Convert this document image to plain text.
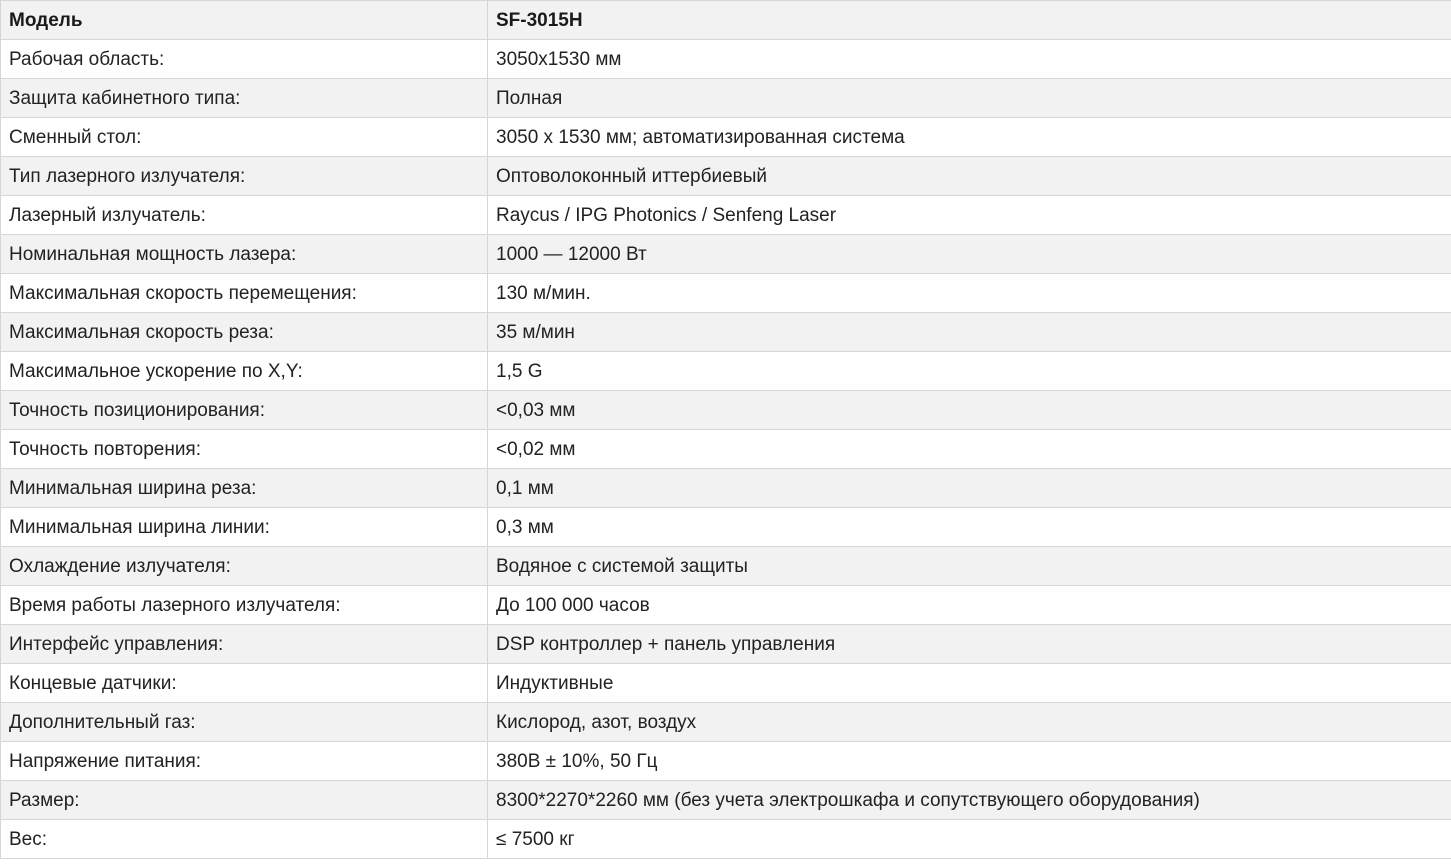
Модель	SF-3015H
Рабочая область:	3050x1530 мм
Защита кабинетного типа:	Полная
Сменный стол:	3050 x 1530 мм; автоматизированная система
Тип лазерного излучателя:	Оптоволоконный иттербиевый
Лазерный излучатель:	Raycus / IPG Photonics / Senfeng Laser
Номинальная мощность лазера:	1000 — 12000 Вт
Максимальная скорость перемещения:	130 м/мин.
Максимальная скорость реза:	35 м/мин
Максимальное ускорение по X,Y:	1,5 G
Точность позиционирования:	<0,03 мм
Точность повторения:	<0,02 мм
Минимальная ширина реза:	0,1 мм
Минимальная ширина линии:	0,3 мм
Охлаждение излучателя:	Водяное с системой защиты
Время работы лазерного излучателя:	До 100 000 часов
Интерфейс управления:	DSP контроллер + панель управления
Концевые датчики:	Индуктивные
Дополнительный газ:	Кислород, азот, воздух
Напряжение питания:	380В ± 10%, 50 Гц
Размер:	8300*2270*2260 мм (без учета электрошкафа и сопутствующего оборудования)
Вес:	≤ 7500 кг
